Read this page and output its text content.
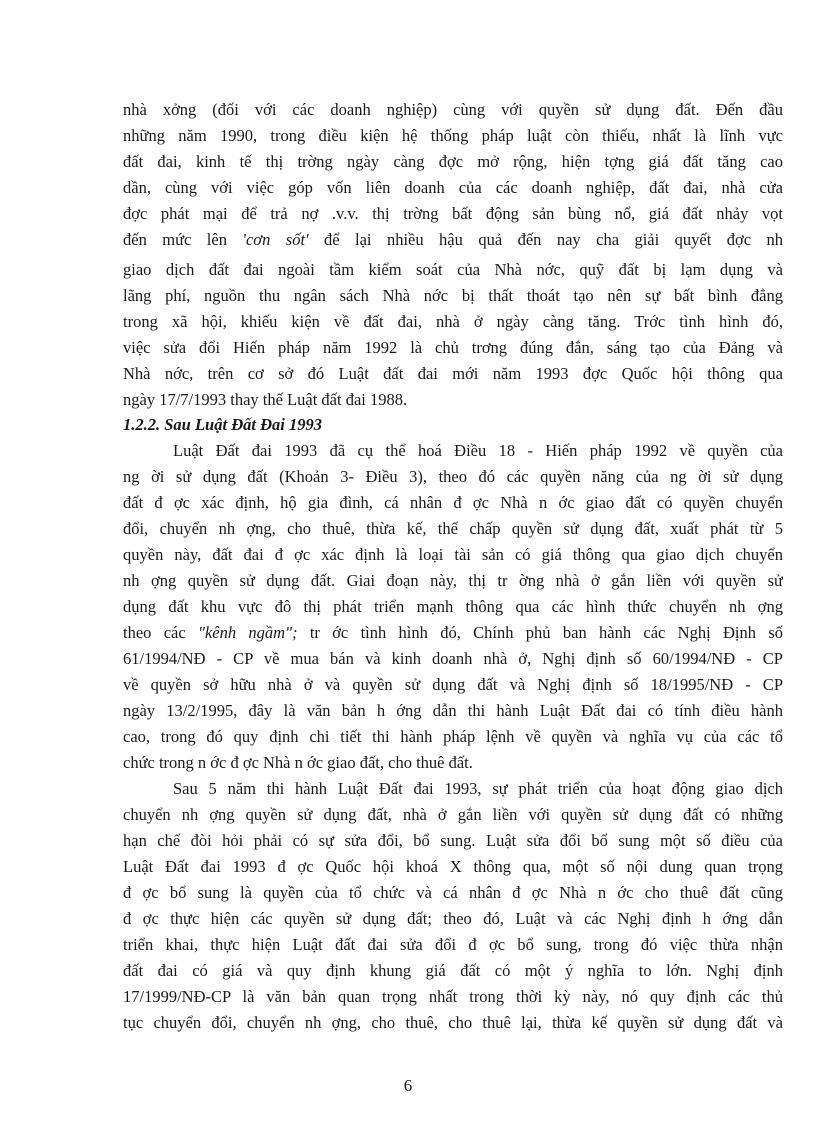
nhà xởng (đối với các doanh nghiệp) cùng với quyền sử dụng đất. Đến đầu
những năm 1990, trong điều kiện hệ thống pháp luật còn thiếu, nhất là lĩnh vực
đất đai, kinh tế thị trờng ngày càng đợc mở rộng, hiện tợng giá đất tăng cao
dần, cùng với việc góp vốn liên doanh của các doanh nghiệp, đất đai, nhà cửa
đợc phát mại để trả nợ .v.v. thị trờng bất động sản bùng nổ, giá đất nhảy vọt
đến mức lên 'cơn sốt' để lại nhiều hậu quả đến nay cha giải quyết đợc nh
giao dịch đất đai ngoài tầm kiểm soát của Nhà nớc, quỹ đất bị lạm dụng và
lãng phí, nguồn thu ngân sách Nhà nớc bị thất thoát tạo nên sự bất bình đẳng
trong xã hội, khiếu kiện về đất đai, nhà ở ngày càng tăng. Trớc tình hình đó,
việc sửa đổi Hiến pháp năm 1992 là chủ trơng đúng đắn, sáng tạo của Đảng và
Nhà nớc, trên cơ sở đó Luật đất đai mới năm 1993 đợc Quốc hội thông qua
ngày 17/7/1993 thay thế Luật đất đai 1988.
1.2.2. Sau Luật Đất Đai 1993
Luật Đất đai 1993 đã cụ thể hoá Điều 18 - Hiến pháp 1992 về quyền của
ng ời sử dụng đất (Khoản 3- Điều 3), theo đó các quyền năng của ng ời sử dụng
đất đ ợc xác định, hộ gia đình, cá nhân đ ợc Nhà n ớc giao đất có quyền chuyển
đổi, chuyển nh ợng, cho thuê, thừa kế, thế chấp quyền sử dụng đất, xuất phát từ 5
quyền này, đất đai đ ợc xác định là loại tài sản có giá thông qua giao dịch chuyển
nh ợng quyền sử dụng đất. Giai đoạn này, thị tr ờng nhà ở gắn liền với quyền sử
dụng đất khu vực đô thị phát triển mạnh thông qua các hình thức chuyển nh ợng
theo các "kênh ngầm"; tr ớc tình hình đó, Chính phủ ban hành các Nghị Định số
61/1994/NĐ - CP về mua bán và kinh doanh nhà ở, Nghị định số 60/1994/NĐ - CP
về quyền sở hữu nhà ở và quyền sử dụng đất và Nghị định số 18/1995/NĐ - CP
ngày 13/2/1995, đây là văn bản h ớng dẫn thi hành Luật Đất đai có tính điều hành
cao, trong đó quy định chi tiết thi hành pháp lệnh về quyền và nghĩa vụ của các tổ
chức trong n ớc đ ợc Nhà n ớc giao đất, cho thuê đất.
Sau 5 năm thi hành Luật Đất đai 1993, sự phát triển của hoạt động giao dịch
chuyển nh ợng quyền sử dụng đất, nhà ở gắn liền với quyền sử dụng đất có những
hạn chế đòi hỏi phải có sự sửa đổi, bổ sung. Luật sửa đổi bổ sung một số điều của
Luật Đất đai 1993 đ ợc Quốc hội khoá X thông qua, một số nội dung quan trọng
đ ợc bổ sung là quyền của tổ chức và cá nhân đ ợc Nhà n ớc cho thuê đất cũng
đ ợc thực hiện các quyền sử dụng đất; theo đó, Luật và các Nghị định h ớng dẫn
triển khai, thực hiện Luật đất đai sửa đổi đ ợc bổ sung, trong đó việc thừa nhận
đất đai có giá và quy định khung giá đất có một ý nghĩa to lớn. Nghị định
17/1999/NĐ-CP là văn bản quan trọng nhất trong thời kỳ này, nó quy định các thủ
tục chuyển đổi, chuyển nh ợng, cho thuê, cho thuê lại, thừa kế quyền sử dụng đất và
6
